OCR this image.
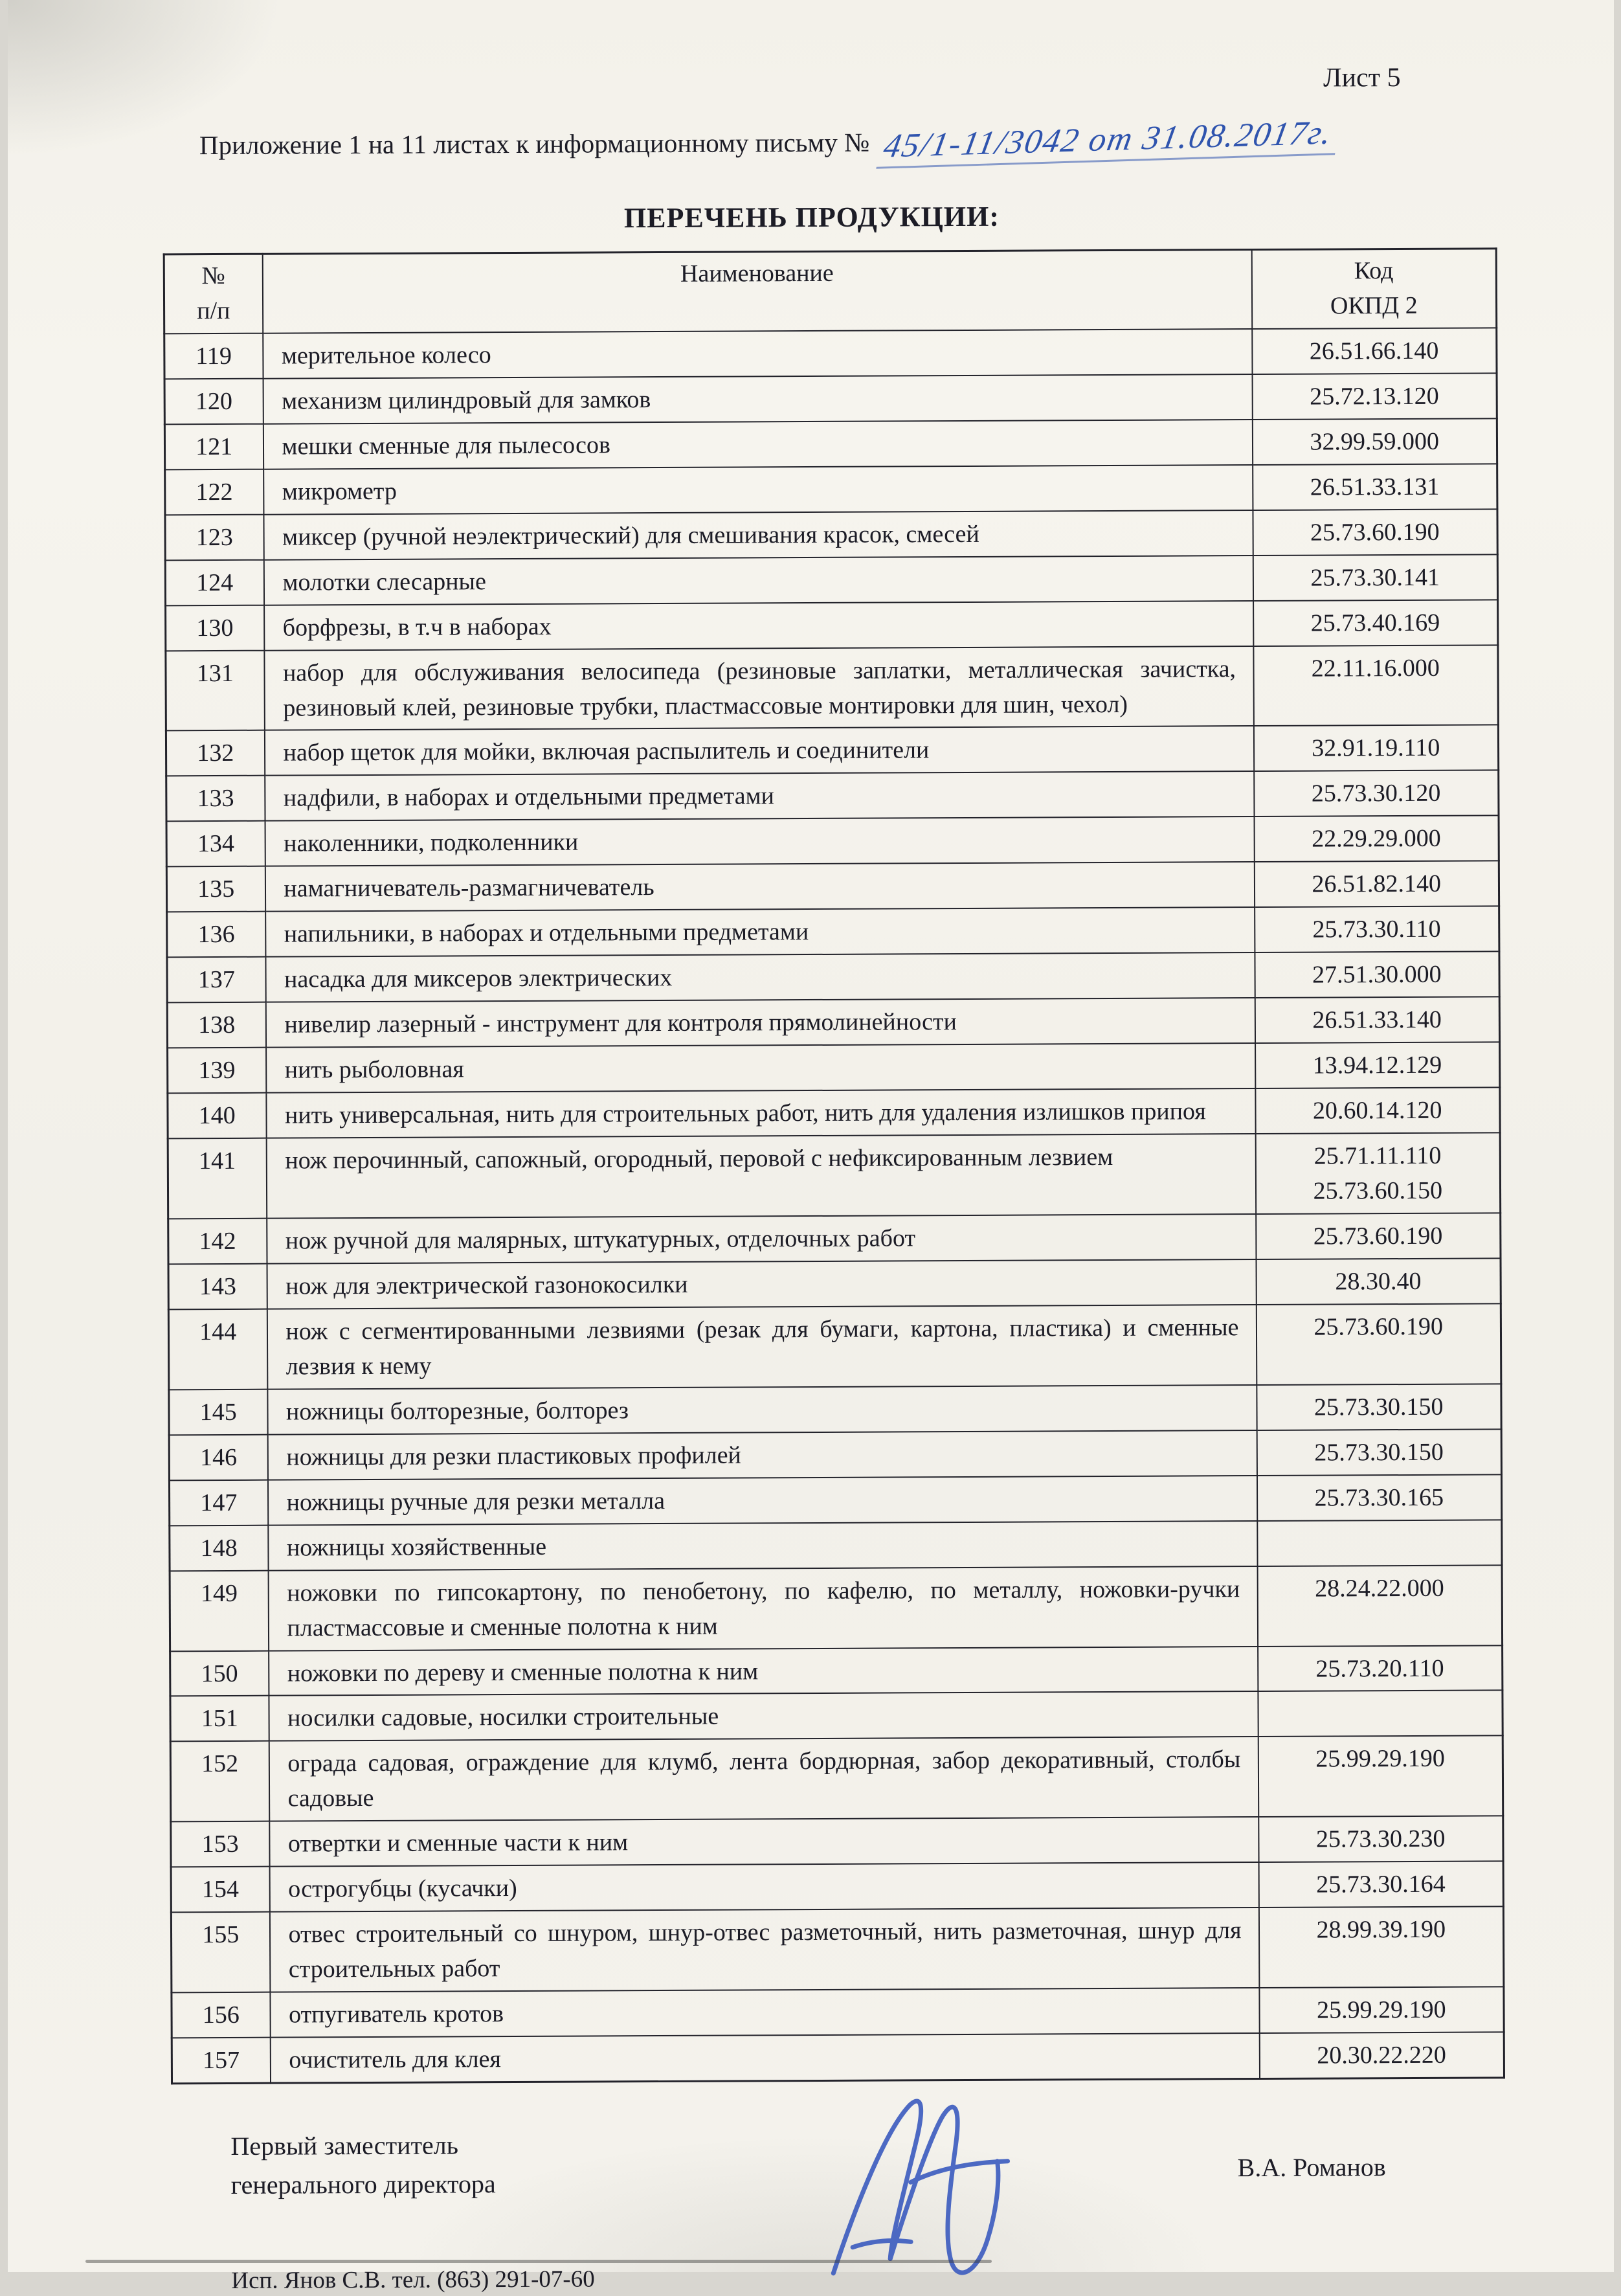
Лист 5
Приложение 1 на 11 листах к информационному письму № 45/1-11/3042 от 31.08.2017г.
ПЕРЕЧЕНЬ ПРОДУКЦИИ:
№
п/п	Наименование	Код
ОКПД 2
119	мерительное колесо	26.51.66.140
120	механизм цилиндровый для замков	25.72.13.120
121	мешки сменные для пылесосов	32.99.59.000
122	микрометр	26.51.33.131
123	миксер (ручной неэлектрический) для смешивания красок, смесей	25.73.60.190
124	молотки слесарные	25.73.30.141
130	борфрезы, в т.ч в наборах	25.73.40.169
131	набор для обслуживания велосипеда (резиновые заплатки, металлическая зачистка, резиновый клей, резиновые трубки, пластмассовые монтировки для шин, чехол)	22.11.16.000
132	набор щеток для мойки, включая распылитель и соединители	32.91.19.110
133	надфили, в наборах и отдельными предметами	25.73.30.120
134	наколенники, подколенники	22.29.29.000
135	намагничеватель-размагничеватель	26.51.82.140
136	напильники, в наборах и отдельными предметами	25.73.30.110
137	насадка для миксеров электрических	27.51.30.000
138	нивелир лазерный - инструмент для контроля прямолинейности	26.51.33.140
139	нить рыболовная	13.94.12.129
140	нить универсальная, нить для строительных работ, нить для удаления излишков припоя	20.60.14.120
141	нож перочинный, сапожный, огородный, перовой с нефиксированным лезвием	25.71.11.110
25.73.60.150
142	нож ручной для малярных, штукатурных, отделочных работ	25.73.60.190
143	нож для электрической газонокосилки	28.30.40
144	нож с сегментированными лезвиями (резак для бумаги, картона, пластика) и сменные лезвия к нему	25.73.60.190
145	ножницы болторезные, болторез	25.73.30.150
146	ножницы для резки пластиковых профилей	25.73.30.150
147	ножницы ручные для резки металла	25.73.30.165
148	ножницы хозяйственные	
149	ножовки по гипсокартону, по пенобетону, по кафелю, по металлу, ножовки-ручки пластмассовые и сменные полотна к ним	28.24.22.000
150	ножовки по дереву и сменные полотна к ним	25.73.20.110
151	носилки садовые, носилки строительные	
152	ограда садовая, ограждение для клумб, лента бордюрная, забор декоративный, столбы садовые	25.99.29.190
153	отвертки и сменные части к ним	25.73.30.230
154	острогубцы (кусачки)	25.73.30.164
155	отвес строительный со шнуром, шнур-отвес разметочный, нить разметочная, шнур для строительных работ	28.99.39.190
156	отпугиватель кротов	25.99.29.190
157	очиститель для клея	20.30.22.220
Первый заместитель
генерального директора
В.А. Романов
Исп. Янов С.В. тел. (863) 291-07-60
